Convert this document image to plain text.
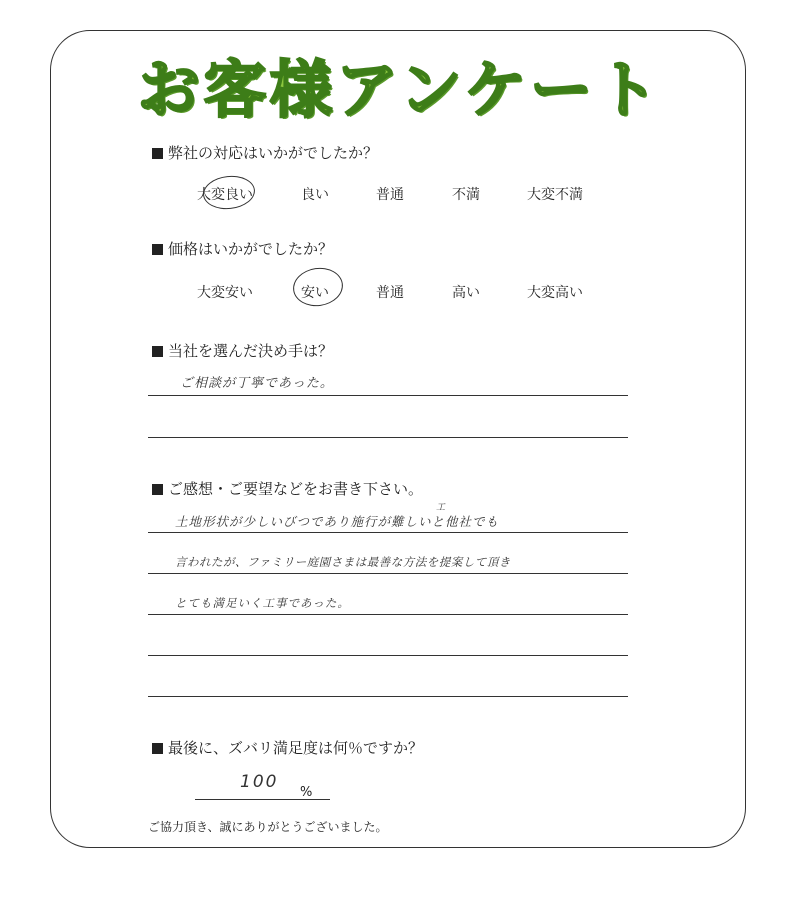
お客様アンケート
弊社の対応はいかがでしたか？
大変良い	良い	普通	不満	大変不満
価格はいかがでしたか？
大変安い	安い	普通	高い	大変高い
当社を選んだ決め手は？
ご相談が丁寧であった。
ご感想・ご要望などをお書き下さい。
工
土地形状が少しいびつであり施行が難しいと他社でも
言われたが、ファミリー庭園さまは最善な方法を提案して頂き
とても満足いく工事であった。
最後に、ズバリ満足度は何％ですか？
100
%
ご協力頂き、誠にありがとうございました。
